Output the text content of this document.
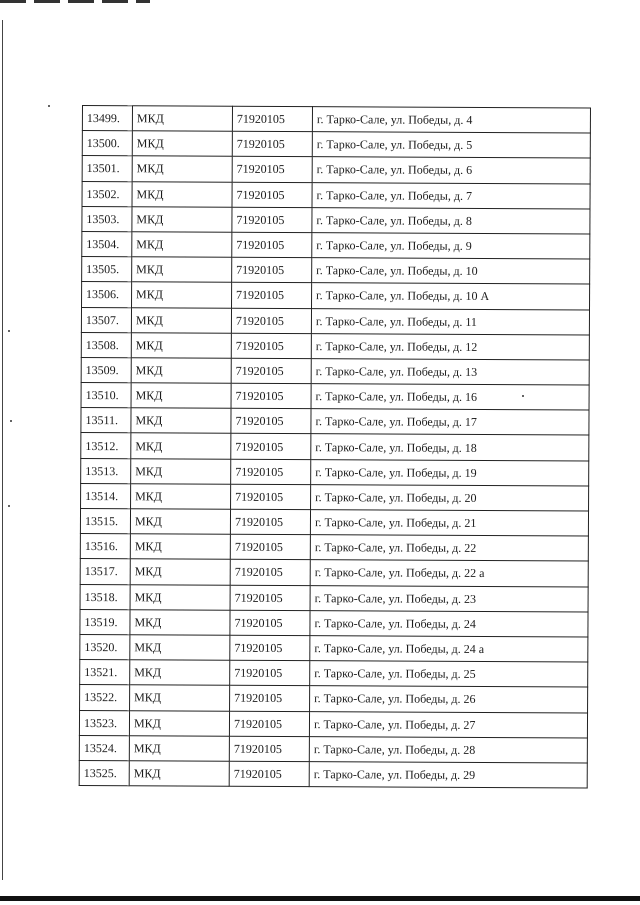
13499.	МКД	71920105	г. Тарко-Сале, ул. Победы, д. 4
13500.	МКД	71920105	г. Тарко-Сале, ул. Победы, д. 5
13501.	МКД	71920105	г. Тарко-Сале, ул. Победы, д. 6
13502.	МКД	71920105	г. Тарко-Сале, ул. Победы, д. 7
13503.	МКД	71920105	г. Тарко-Сале, ул. Победы, д. 8
13504.	МКД	71920105	г. Тарко-Сале, ул. Победы, д. 9
13505.	МКД	71920105	г. Тарко-Сале, ул. Победы, д. 10
13506.	МКД	71920105	г. Тарко-Сале, ул. Победы, д. 10 А
13507.	МКД	71920105	г. Тарко-Сале, ул. Победы, д. 11
13508.	МКД	71920105	г. Тарко-Сале, ул. Победы, д. 12
13509.	МКД	71920105	г. Тарко-Сале, ул. Победы, д. 13
13510.	МКД	71920105	г. Тарко-Сале, ул. Победы, д. 16
13511.	МКД	71920105	г. Тарко-Сале, ул. Победы, д. 17
13512.	МКД	71920105	г. Тарко-Сале, ул. Победы, д. 18
13513.	МКД	71920105	г. Тарко-Сале, ул. Победы, д. 19
13514.	МКД	71920105	г. Тарко-Сале, ул. Победы, д. 20
13515.	МКД	71920105	г. Тарко-Сале, ул. Победы, д. 21
13516.	МКД	71920105	г. Тарко-Сале, ул. Победы, д. 22
13517.	МКД	71920105	г. Тарко-Сале, ул. Победы, д. 22 а
13518.	МКД	71920105	г. Тарко-Сале, ул. Победы, д. 23
13519.	МКД	71920105	г. Тарко-Сале, ул. Победы, д. 24
13520.	МКД	71920105	г. Тарко-Сале, ул. Победы, д. 24 а
13521.	МКД	71920105	г. Тарко-Сале, ул. Победы, д. 25
13522.	МКД	71920105	г. Тарко-Сале, ул. Победы, д. 26
13523.	МКД	71920105	г. Тарко-Сале, ул. Победы, д. 27
13524.	МКД	71920105	г. Тарко-Сале, ул. Победы, д. 28
13525.	МКД	71920105	г. Тарко-Сале, ул. Победы, д. 29
